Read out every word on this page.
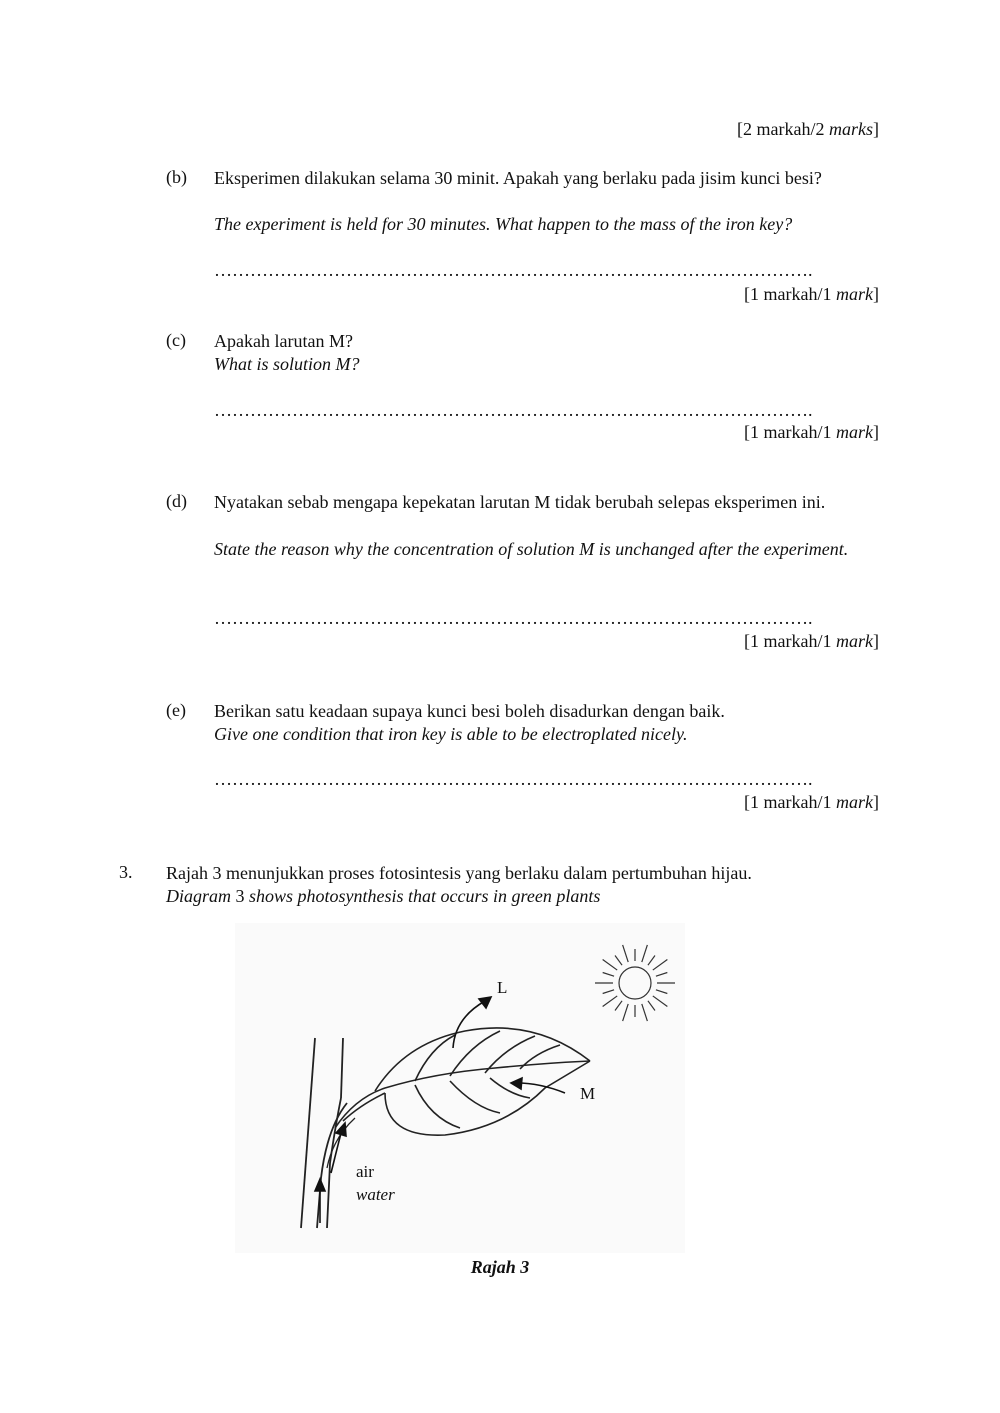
[2 markah/2 marks]
(b) Eksperimen dilakukan selama 30 minit. Apakah yang berlaku pada jisim kunci besi?
The experiment is held for 30 minutes. What happen to the mass of the iron key?
……………………………………………………………………………………….
[1 markah/1 mark]
(c) Apakah larutan M?
What is solution M?
……………………………………………………………………………………….
[1 markah/1 mark]
(d) Nyatakan sebab mengapa kepekatan larutan M tidak berubah selepas eksperimen ini.
State the reason why the concentration of solution M is unchanged after the experiment.
……………………………………………………………………………………….
[1 markah/1 mark]
(e) Berikan satu keadaan supaya kunci besi boleh disadurkan dengan baik.
Give one condition that iron key is able to be electroplated nicely.
……………………………………………………………………………………….
[1 markah/1 mark]
3. Rajah 3 menunjukkan proses fotosintesis yang berlaku dalam pertumbuhan hijau.
Diagram 3 shows photosynthesis that occurs in green plants
L
M
air
water
Rajah 3
